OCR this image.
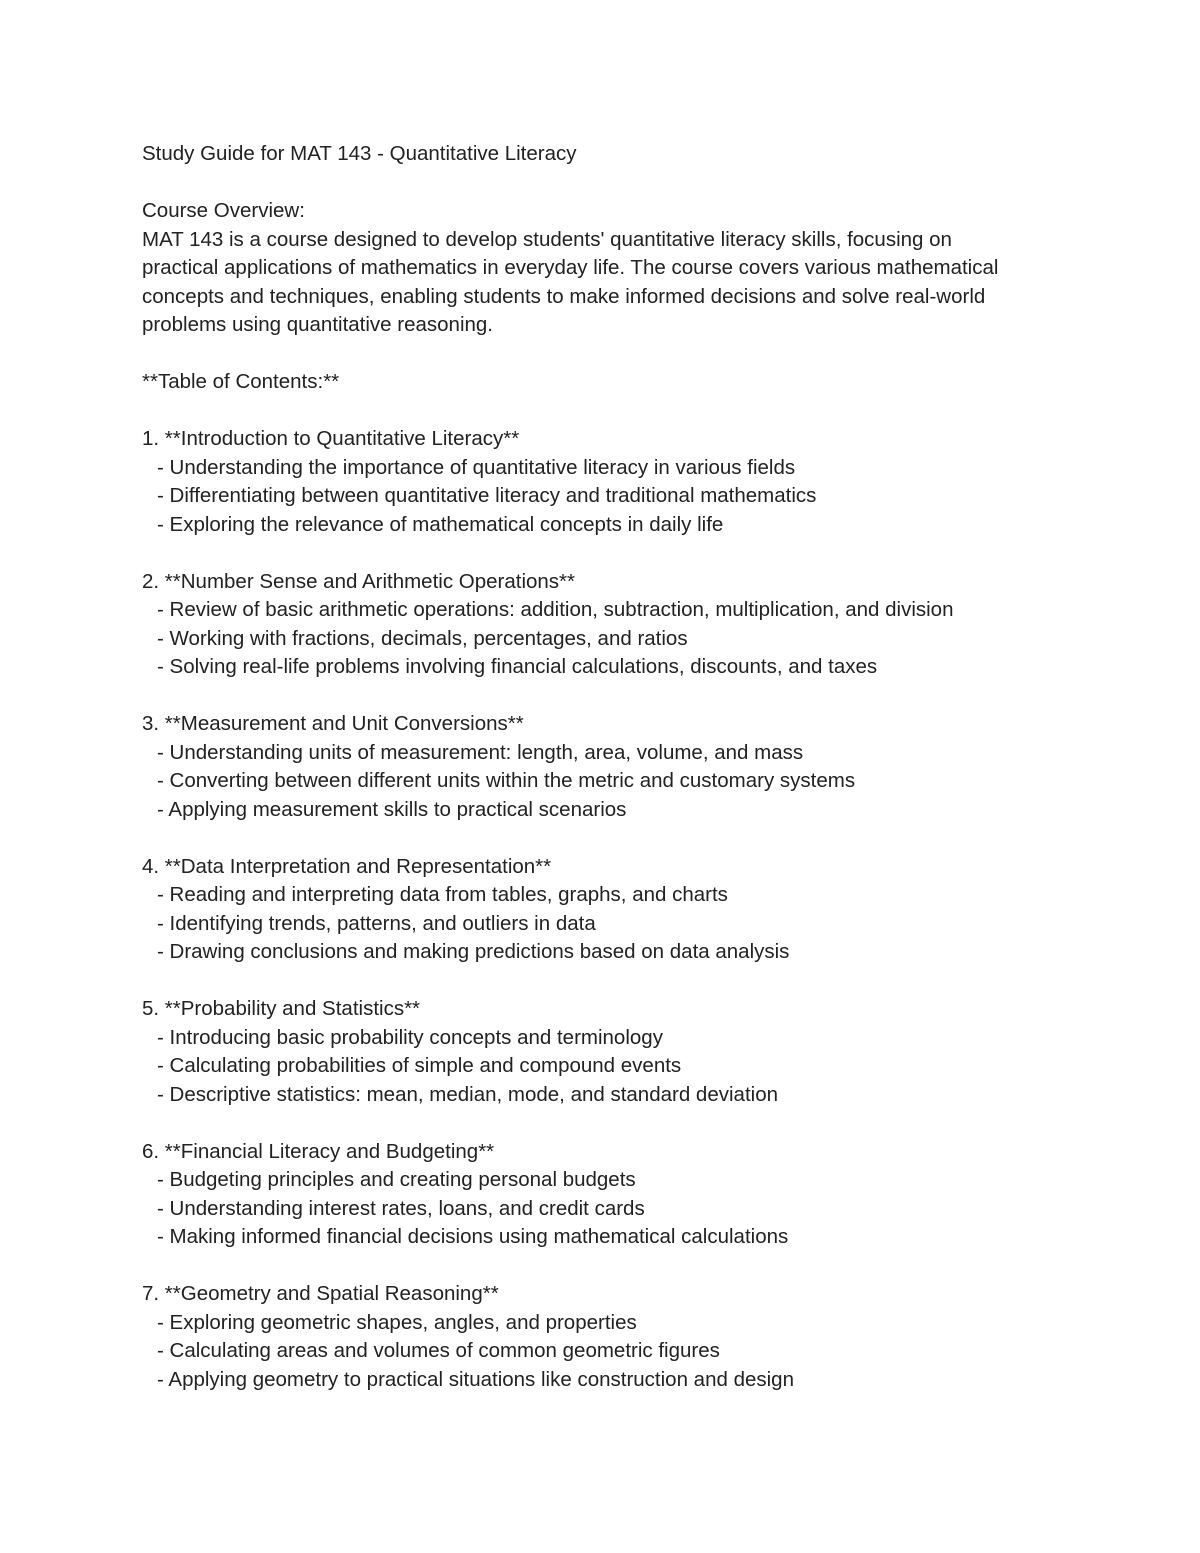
Study Guide for MAT 143 - Quantitative Literacy

Course Overview:

MAT 143 is a course designed to develop students' quantitative literacy skills, focusing on

practical applications of mathematics in everyday life. The course covers various mathematical

concepts and techniques, enabling students to make informed decisions and solve real-world

problems using quantitative reasoning.

**Table of Contents:**

1. **Introduction to Quantitative Literacy**

- Understanding the importance of quantitative literacy in various fields

- Differentiating between quantitative literacy and traditional mathematics

- Exploring the relevance of mathematical concepts in daily life

2. **Number Sense and Arithmetic Operations**

- Review of basic arithmetic operations: addition, subtraction, multiplication, and division

- Working with fractions, decimals, percentages, and ratios

- Solving real-life problems involving financial calculations, discounts, and taxes

3. **Measurement and Unit Conversions**

- Understanding units of measurement: length, area, volume, and mass

- Converting between different units within the metric and customary systems

- Applying measurement skills to practical scenarios

4. **Data Interpretation and Representation**

- Reading and interpreting data from tables, graphs, and charts

- Identifying trends, patterns, and outliers in data

- Drawing conclusions and making predictions based on data analysis

5. **Probability and Statistics**

- Introducing basic probability concepts and terminology

- Calculating probabilities of simple and compound events

- Descriptive statistics: mean, median, mode, and standard deviation

6. **Financial Literacy and Budgeting**

- Budgeting principles and creating personal budgets

- Understanding interest rates, loans, and credit cards

- Making informed financial decisions using mathematical calculations

7. **Geometry and Spatial Reasoning**

- Exploring geometric shapes, angles, and properties

- Calculating areas and volumes of common geometric figures

- Applying geometry to practical situations like construction and design
